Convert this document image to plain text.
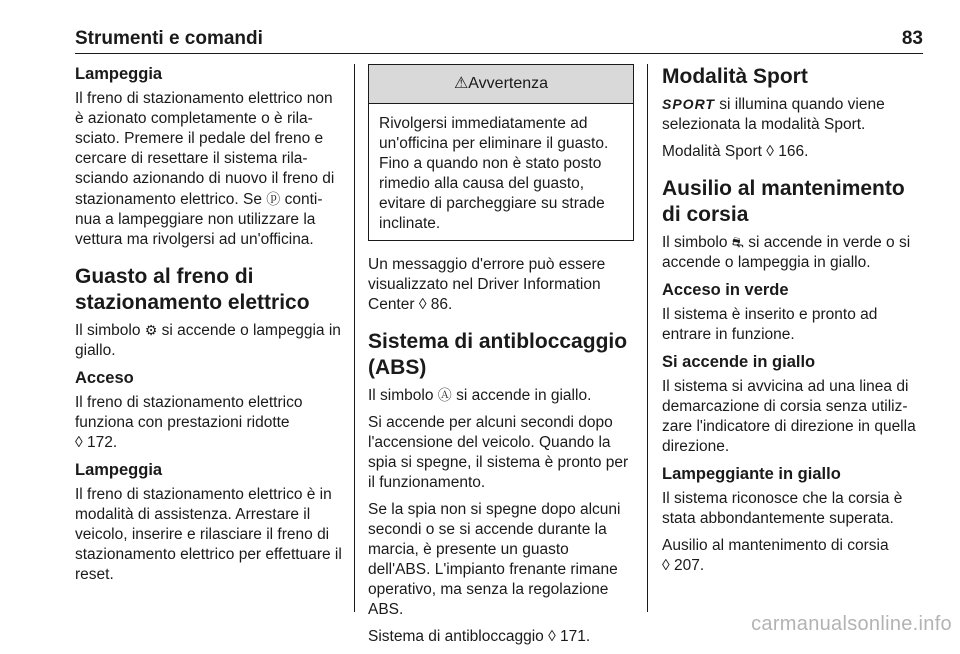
Strumenti e comandi	83
Lampeggia

Il freno di stazionamento elettrico non è azionato completamente o è rila-sciato. Premere il pedale del freno e cercare di resettare il sistema rila-sciando azionando di nuovo il freno di stazionamento elettrico. Se ⓟ conti-nua a lampeggiare non utilizzare la vettura ma rivolgersi ad un'officina.

Guasto al freno di stazionamento elettrico

Il simbolo ⚙ si accende o lampeggia in giallo.

Acceso

Il freno di stazionamento elettrico funziona con prestazioni ridotte
◊ 172.

Lampeggia

Il freno di stazionamento elettrico è in modalità di assistenza. Arrestare il veicolo, inserire e rilasciare il freno di stazionamento elettrico per effettuare il reset.

⚠Avvertenza

Rivolgersi immediatamente ad un'officina per eliminare il guasto. Fino a quando non è stato posto rimedio alla causa del guasto, evitare di parcheggiare su strade inclinate.

Un messaggio d'errore può essere visualizzato nel Driver Information Center ◊ 86.

Sistema di antibloccaggio (ABS)

Il simbolo Ⓐ si accende in giallo.

Si accende per alcuni secondi dopo l'accensione del veicolo. Quando la spia si spegne, il sistema è pronto per il funzionamento.

Se la spia non si spegne dopo alcuni secondi o se si accende durante la marcia, è presente un guasto dell'ABS. L'impianto frenante rimane operativo, ma senza la regolazione ABS.

Sistema di antibloccaggio ◊ 171.

Modalità Sport

SPORT si illumina quando viene selezionata la modalità Sport.

Modalità Sport ◊ 166.

Ausilio al mantenimento di corsia

Il simbolo ⛐ si accende in verde o si accende o lampeggia in giallo.

Acceso in verde

Il sistema è inserito e pronto ad entrare in funzione.

Si accende in giallo

Il sistema si avvicina ad una linea di demarcazione di corsia senza utiliz-zare l'indicatore di direzione in quella direzione.

Lampeggiante in giallo

Il sistema riconosce che la corsia è stata abbondantemente superata.

Ausilio al mantenimento di corsia
◊ 207.

carmanualsonline.info
